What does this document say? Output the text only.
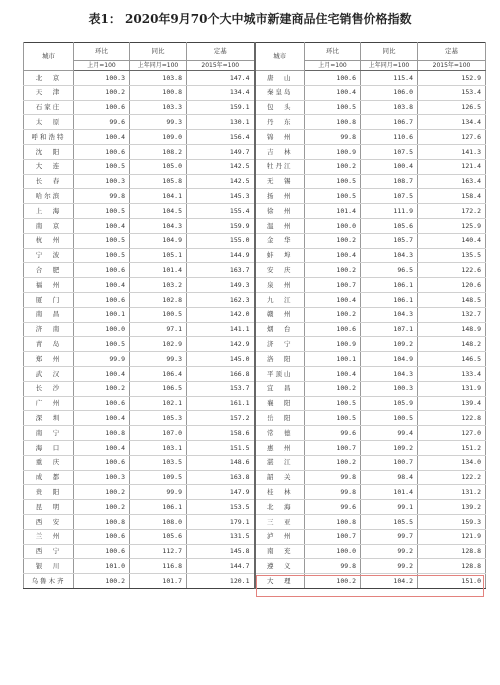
表1： 2020年9月70个大中城市新建商品住宅销售价格指数
城市	环比	同比	定基	城市	环比	同比	定基
	上月=100	上年同月=100	2015年=100		上月=100	上年同月=100	2015年=100
北　京	100.3	103.8	147.4	唐　山	100.6	115.4	152.9
天　津	100.2	100.8	134.4	秦皇岛	100.4	106.0	153.4
石家庄	100.6	103.3	159.1	包　头	100.5	103.8	126.5
太　原	99.6	99.3	130.1	丹　东	100.8	106.7	134.4
呼和浩特	100.4	109.0	156.4	锦　州	99.8	110.6	127.6
沈　阳	100.6	108.2	149.7	吉　林	100.9	107.5	141.3
大　连	100.5	105.0	142.5	牡丹江	100.2	100.4	121.4
长　春	100.3	105.8	142.5	无　锡	100.5	108.7	163.4
哈尔滨	99.8	104.1	145.3	扬　州	100.5	107.5	158.4
上　海	100.5	104.5	155.4	徐　州	101.4	111.9	172.2
南　京	100.4	104.3	159.9	温　州	100.0	105.6	125.9
杭　州	100.5	104.9	155.0	金　华	100.2	105.7	140.4
宁　波	100.5	105.1	144.9	蚌　埠	100.4	104.3	135.5
合　肥	100.6	101.4	163.7	安　庆	100.2	96.5	122.6
福　州	100.4	103.2	149.3	泉　州	100.7	106.1	120.6
厦　门	100.6	102.8	162.3	九　江	100.4	106.1	148.5
南　昌	100.1	100.5	142.0	赣　州	100.2	104.3	132.7
济　南	100.0	97.1	141.1	烟　台	100.6	107.1	148.9
青　岛	100.5	102.9	142.9	济　宁	100.9	109.2	148.2
郑　州	99.9	99.3	145.0	洛　阳	100.1	104.9	146.5
武　汉	100.4	106.4	166.8	平顶山	100.4	104.3	133.4
长　沙	100.2	106.5	153.7	宜　昌	100.2	100.3	131.9
广　州	100.6	102.1	161.1	襄　阳	100.5	105.9	139.4
深　圳	100.4	105.3	157.2	岳　阳	100.5	100.5	122.8
南　宁	100.8	107.0	158.6	常　德	99.6	99.4	127.0
海　口	100.4	103.1	151.5	惠　州	100.7	109.2	151.2
重　庆	100.6	103.5	148.6	湛　江	100.2	100.7	134.0
成　都	100.3	109.5	163.8	韶　关	99.8	98.4	122.2
贵　阳	100.2	99.9	147.9	桂　林	99.8	101.4	131.2
昆　明	100.2	106.1	153.5	北　海	99.6	99.1	139.2
西　安	100.8	108.0	179.1	三　亚	100.8	105.5	159.3
兰　州	100.6	105.6	131.5	泸　州	100.7	99.7	121.9
西　宁	100.6	112.7	145.8	南　充	100.0	99.2	128.8
银　川	101.0	116.8	144.7	遵　义	99.8	99.2	128.8
乌鲁木齐	100.2	101.7	120.1	大　理	100.2	104.2	151.0
